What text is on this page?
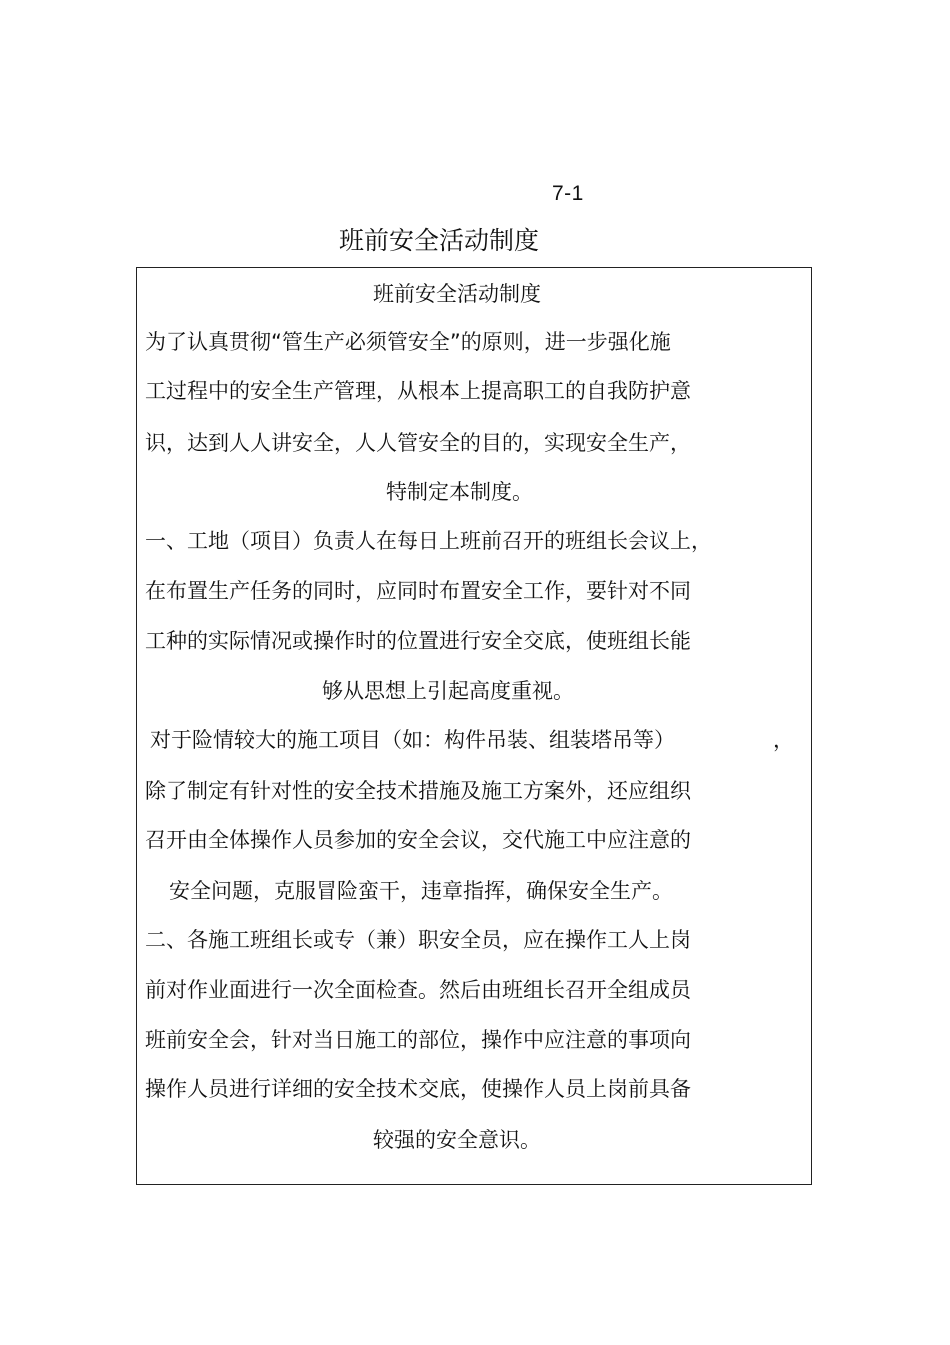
7-1
班前安全活动制度
班前安全活动制度
为了认真贯彻“管生产必须管安全”的原则，进一步强化施
工过程中的安全生产管理，从根本上提高职工的自我防护意
识，达到人人讲安全，人人管安全的目的，实现安全生产，
特制定本制度。
一、工地（项目）负责人在每日上班前召开的班组长会议上，
在布置生产任务的同时，应同时布置安全工作，要针对不同
工种的实际情况或操作时的位置进行安全交底，使班组长能
够从思想上引起高度重视。
对于险情较大的施工项目（如：构件吊装、组装塔吊等）	，
除了制定有针对性的安全技术措施及施工方案外，还应组织
召开由全体操作人员参加的安全会议，交代施工中应注意的
安全问题，克服冒险蛮干，违章指挥，确保安全生产。
二、各施工班组长或专（兼）职安全员，应在操作工人上岗
前对作业面进行一次全面检查。然后由班组长召开全组成员
班前安全会，针对当日施工的部位，操作中应注意的事项向
操作人员进行详细的安全技术交底，使操作人员上岗前具备
较强的安全意识。
